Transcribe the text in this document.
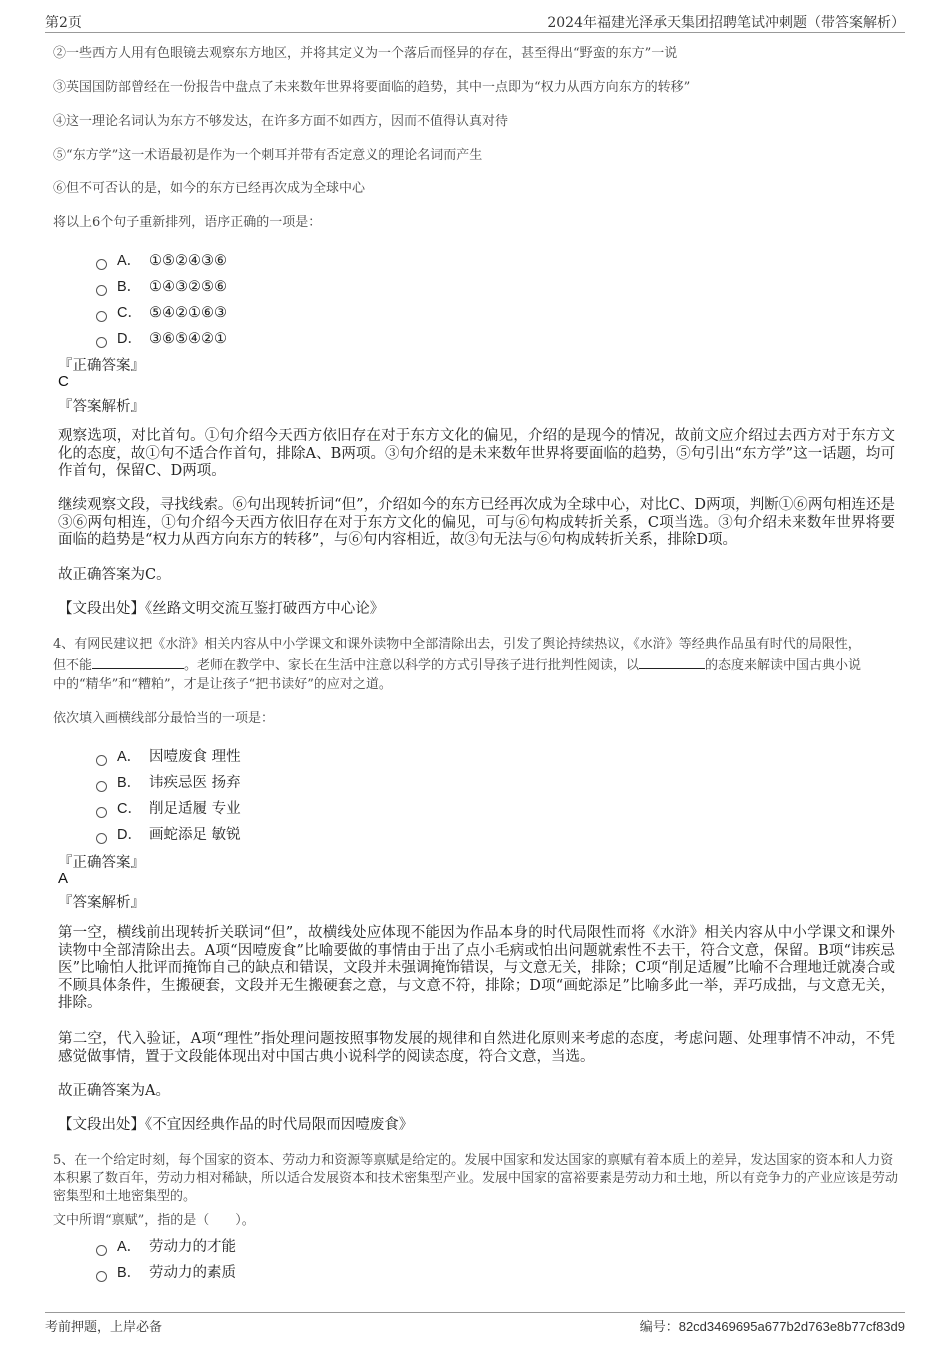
第2页	2024年福建光泽承天集团招聘笔试冲刺题（带答案解析）
②一些西方人用有色眼镜去观察东方地区，并将其定义为一个落后而怪异的存在，甚至得出“野蛮的东方”一说
③英国国防部曾经在一份报告中盘点了未来数年世界将要面临的趋势，其中一点即为“权力从西方向东方的转移”
④这一理论名词认为东方不够发达，在许多方面不如西方，因而不值得认真对待
⑤“东方学”这一术语最初是作为一个刺耳并带有否定意义的理论名词而产生
⑥但不可否认的是，如今的东方已经再次成为全球中心
将以上6个句子重新排列，语序正确的一项是：
A． ①⑤②④③⑥
B． ①④③②⑤⑥
C． ⑤④②①⑥③
D． ③⑥⑤④②①
『正确答案』
C
『答案解析』
观察选项，对比首句。①句介绍今天西方依旧存在对于东方文化的偏见，介绍的是现今的情况，故前文应介绍过去西方对于东方文化的态度，故①句不适合作首句，排除A、B两项。③句介绍的是未来数年世界将要面临的趋势，⑤句引出“东方学”这一话题，均可作首句，保留C、D两项。
继续观察文段，寻找线索。⑥句出现转折词“但”，介绍如今的东方已经再次成为全球中心，对比C、D两项，判断①⑥两句相连还是③⑥两句相连，①句介绍今天西方依旧存在对于东方文化的偏见，可与⑥句构成转折关系，C项当选。③句介绍未来数年世界将要面临的趋势是“权力从西方向东方的转移”，与⑥句内容相近，故③句无法与⑥句构成转折关系，排除D项。
故正确答案为C。
【文段出处】《丝路文明交流互鉴打破西方中心论》
4、有网民建议把《水浒》相关内容从中小学课文和课外读物中全部清除出去，引发了舆论持续热议，《水浒》等经典作品虽有时代的局限性，
但不能	。老师在教学中、家长在生活中注意以科学的方式引导孩子进行批判性阅读，以	的态度来解读中国古典小说
中的“精华”和“糟粕”，才是让孩子“把书读好”的应对之道。
依次填入画横线部分最恰当的一项是：
A． 因噎废食 理性
B． 讳疾忌医 扬弃
C． 削足适履 专业
D． 画蛇添足 敏锐
『正确答案』
A
『答案解析』
第一空，横线前出现转折关联词“但”，故横线处应体现不能因为作品本身的时代局限性而将《水浒》相关内容从中小学课文和课外读物中全部清除出去。A项“因噎废食”比喻要做的事情由于出了点小毛病或怕出问题就索性不去干，符合文意，保留。B项“讳疾忌医”比喻怕人批评而掩饰自己的缺点和错误，文段并未强调掩饰错误，与文意无关，排除；C项“削足适履”比喻不合理地迁就凑合或不顾具体条件，生搬硬套，文段并无生搬硬套之意，与文意不符，排除；D项“画蛇添足”比喻多此一举，弄巧成拙，与文意无关，排除。
第二空，代入验证，A项“理性”指处理问题按照事物发展的规律和自然进化原则来考虑的态度，考虑问题、处理事情不冲动，不凭感觉做事情，置于文段能体现出对中国古典小说科学的阅读态度，符合文意，当选。
故正确答案为A。
【文段出处】《不宜因经典作品的时代局限而因噎废食》
5、在一个给定时刻，每个国家的资本、劳动力和资源等禀赋是给定的。发展中国家和发达国家的禀赋有着本质上的差异，发达国家的资本和人力资本积累了数百年，劳动力相对稀缺，所以适合发展资本和技术密集型产业。发展中国家的富裕要素是劳动力和土地，所以有竞争力的产业应该是劳动密集型和土地密集型的。
文中所谓“禀赋”，指的是（　　）。
A． 劳动力的才能
B． 劳动力的素质
考前押题，上岸必备	编号：82cd3469695a677b2d763e8b77cf83d9
